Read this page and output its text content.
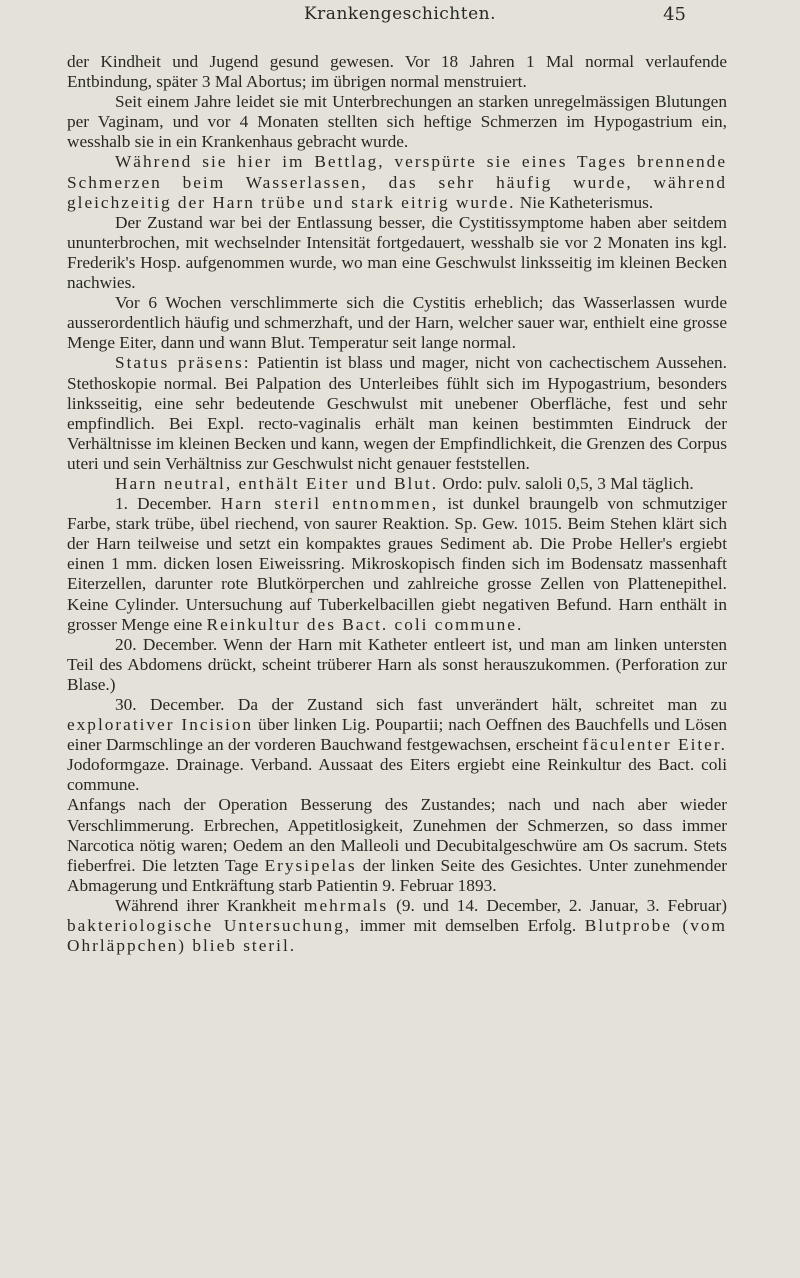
Krankengeschichten.	45

der Kindheit und Jugend gesund gewesen. Vor 18 Jahren 1 Mal normal verlaufende Entbindung, später 3 Mal Abortus; im übrigen normal menstruiert.

Seit einem Jahre leidet sie mit Unterbrechungen an starken unregelmässigen Blutungen per Vaginam, und vor 4 Monaten stellten sich heftige Schmerzen im Hypogastrium ein, wesshalb sie in ein Krankenhaus gebracht wurde.

Während sie hier im Bettlag, verspürte sie eines Tages brennende Schmerzen beim Wasserlassen, das sehr häufig wurde, während gleichzeitig der Harn trübe und stark eitrig wurde. Nie Katheterismus.

Der Zustand war bei der Entlassung besser, die Cystitissymptome haben aber seitdem ununterbrochen, mit wechselnder Intensität fortgedauert, wesshalb sie vor 2 Monaten ins kgl. Frederik's Hosp. aufgenommen wurde, wo man eine Geschwulst linksseitig im kleinen Becken nachwies.

Vor 6 Wochen verschlimmerte sich die Cystitis erheblich; das Wasserlassen wurde ausserordentlich häufig und schmerzhaft, und der Harn, welcher sauer war, enthielt eine grosse Menge Eiter, dann und wann Blut. Temperatur seit lange normal.

Status präsens: Patientin ist blass und mager, nicht von cachectischem Aussehen. Stethoskopie normal. Bei Palpation des Unterleibes fühlt sich im Hypogastrium, besonders linksseitig, eine sehr bedeutende Geschwulst mit unebener Oberfläche, fest und sehr empfindlich. Bei Expl. recto-vaginalis erhält man keinen bestimmten Eindruck der Verhältnisse im kleinen Becken und kann, wegen der Empfindlichkeit, die Grenzen des Corpus uteri und sein Verhältniss zur Geschwulst nicht genauer feststellen.

Harn neutral, enthält Eiter und Blut. Ordo: pulv. saloli 0,5, 3 Mal täglich.

1. December. Harn steril entnommen, ist dunkel braungelb von schmutziger Farbe, stark trübe, übel riechend, von saurer Reaktion. Sp. Gew. 1015. Beim Stehen klärt sich der Harn teilweise und setzt ein kompaktes graues Sediment ab. Die Probe Heller's ergiebt einen 1 mm. dicken losen Eiweissring. Mikroskopisch finden sich im Bodensatz massenhaft Eiterzellen, darunter rote Blutkörperchen und zahlreiche grosse Zellen von Plattenepithel. Keine Cylinder. Untersuchung auf Tuberkelbacillen giebt negativen Befund. Harn enthält in grosser Menge eine Reinkultur des Bact. coli commune.

20. December. Wenn der Harn mit Katheter entleert ist, und man am linken untersten Teil des Abdomens drückt, scheint trüberer Harn als sonst herauszukommen. (Perforation zur Blase.)

30. December. Da der Zustand sich fast unverändert hält, schreitet man zu explorativer Incision über linken Lig. Poupartii; nach Oeffnen des Bauchfells und Lösen einer Darmschlinge an der vorderen Bauchwand festgewachsen, erscheint fäculenter Eiter. Jodoformgaze. Drainage. Verband. Aussaat des Eiters ergiebt eine Reinkultur des Bact. coli commune.

Anfangs nach der Operation Besserung des Zustandes; nach und nach aber wieder Verschlimmerung. Erbrechen, Appetitlosigkeit, Zunehmen der Schmerzen, so dass immer Narcotica nötig waren; Oedem an den Malleoli und Decubitalgeschwüre am Os sacrum. Stets fieberfrei. Die letzten Tage Erysipelas der linken Seite des Gesichtes. Unter zunehmender Abmagerung und Entkräftung starb Patientin 9. Februar 1893.

Während ihrer Krankheit mehrmals (9. und 14. December, 2. Januar, 3. Februar) bakteriologische Untersuchung, immer mit demselben Erfolg. Blutprobe (vom Ohrläppchen) blieb steril.
